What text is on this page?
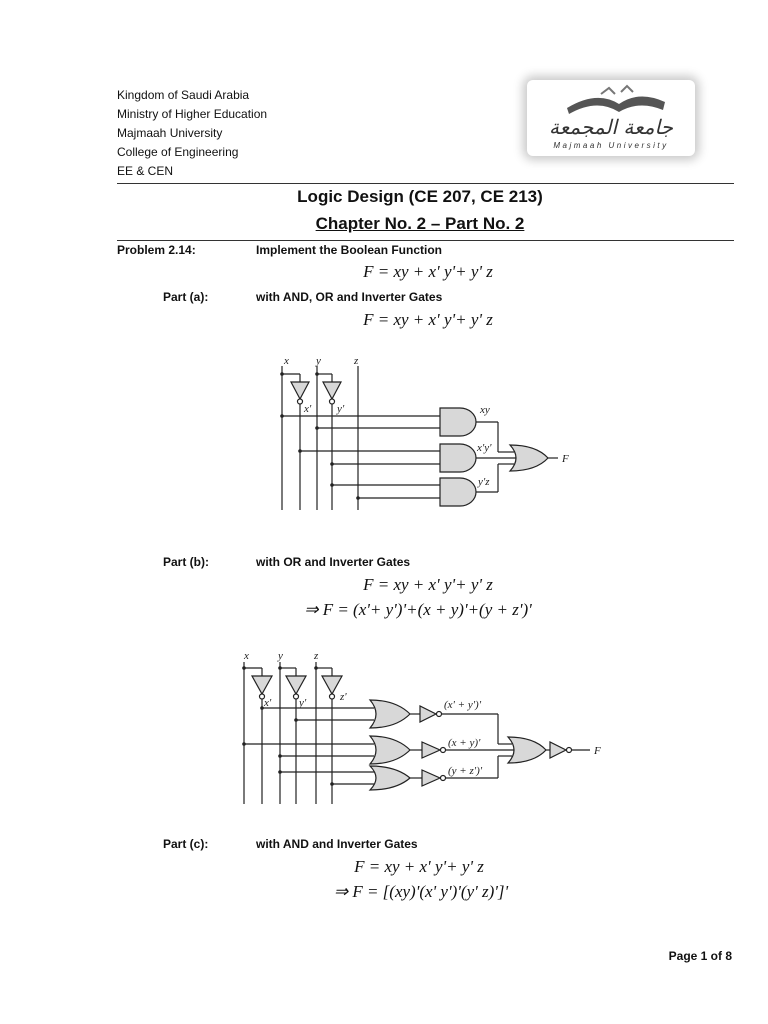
Kingdom of Saudi Arabia
Ministry of Higher Education
Majmaah University
College of Engineering
EE & CEN
جامعة المجمعة
Majmaah University
Logic Design (CE 207, CE 213)
Chapter No. 2 – Part No. 2
Problem 2.14:	Implement the Boolean Function
F = xy + x' y'+ y' z
Part (a):	with AND, OR and Inverter Gates
F = xy + x' y'+ y' z
x y	z
x' y'	xy
x'y'
y'z
F
Part (b):	with OR and Inverter Gates
F = xy + x' y'+ y' z
⇒ F = (x'+ y')'+(x + y)'+(y + z')'
x	y	z
x'	y'	z'
(x' + y')'
(x + y)'
(y + z')'
F
Part (c):	with AND and Inverter Gates
F = xy + x' y'+ y' z
⇒ F = [(xy)'(x' y')'(y' z)']'
Page 1 of 8
